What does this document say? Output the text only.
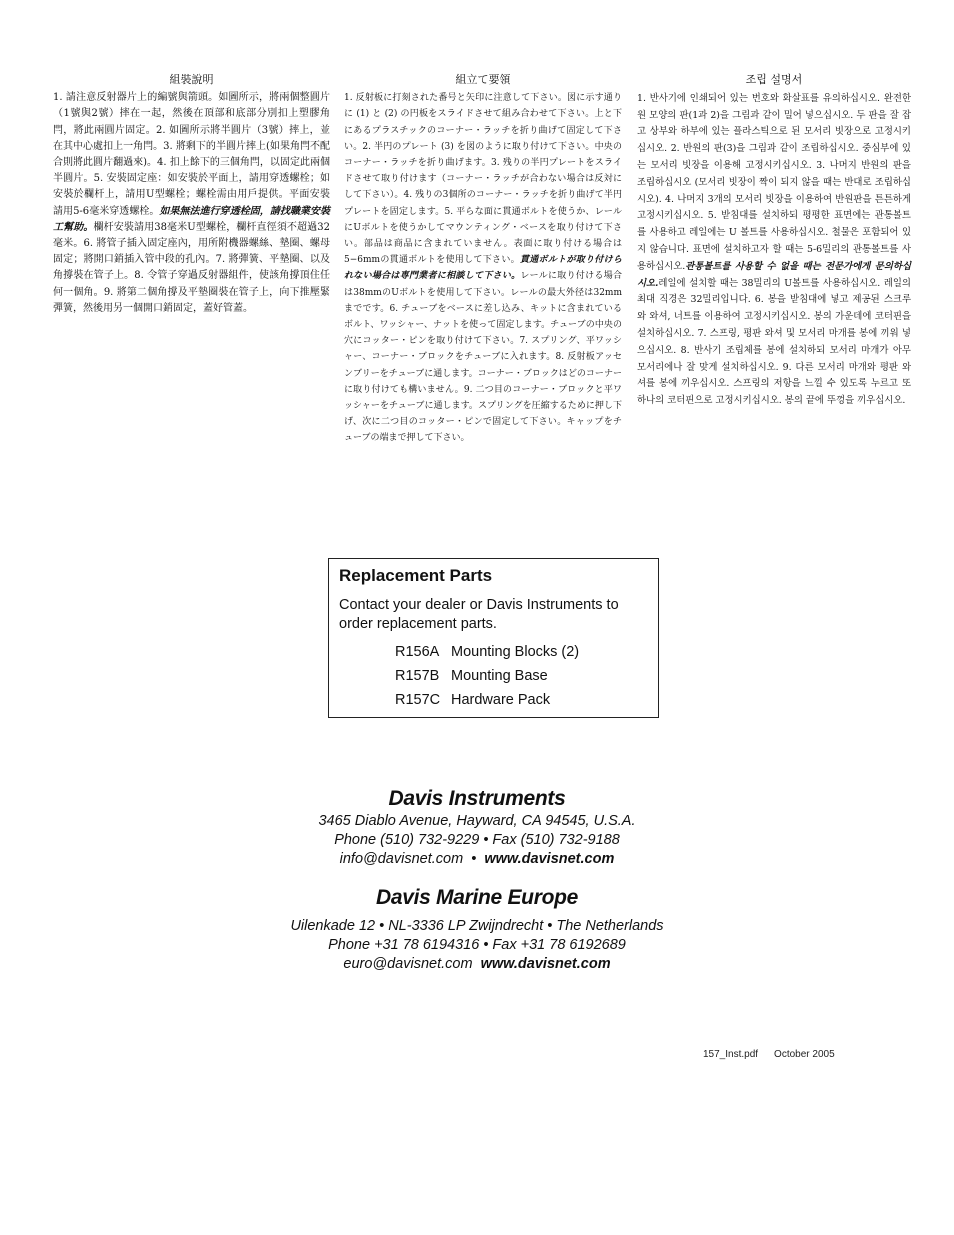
組裝說明
1. 請注意反射器片上的編號與箭頭。如圖所示，將兩個整圓片（1號與2號）摔在一起，然後在頂部和底部分別扣上塑膠角閂，將此兩圓片固定。2. 如圖所示將半圓片（3號）摔上，並在其中心處扣上一角閂。3. 將剩下的半圓片摔上(如果角閂不配合則將此圓片翻過來)。4. 扣上餘下的三個角閂，以固定此兩個半圓片。5. 安裝固定座：如安裝於平面上，請用穿透螺栓；如安裝於欄杆上，請用U型螺栓；螺栓需由用戶提供。平面安裝請用5-6毫米穿透螺栓。如果無法進行穿透栓固，請找職業安裝工幫助。欄杆安裝請用38毫米U型螺栓，欄杆直徑須不超過32毫米。6. 將管子插入固定座內，用所附機器螺絲、墊圈、螺母固定；將開口銷插入管中段的孔內。7. 將彈簧、平墊圈、以及角撐裝在管子上。8. 令管子穿過反射器組件，使該角撐頂住任何一個角。9. 將第二個角撐及平墊圈裝在管子上，向下推壓緊彈簧，然後用另一個開口銷固定，蓋好管蓋。
組立て要領
1. 反射板に打刻された番号と矢印に注意して下さい。図に示す通りに (1) と (2) の円板をスライドさせて組み合わせて下さい。上と下にあるプラスチックのコーナー・ラッチを折り曲げて固定して下さい。2. 半円のプレート (3) を図のように取り付けて下さい。中央のコーナー・ラッチを折り曲げます。3. 残りの半円プレートをスライドさせて取り付けます（コーナー・ラッチが合わない場合は反対にして下さい）。4. 残りの3個所のコーナー・ラッチを折り曲げて半円プレートを固定します。5. 平らな面に貫通ボルトを使うか、レールにUボルトを使うかしてマウンティング・ベースを取り付けて下さい。部品は商品に含まれていません。表面に取り付ける場合は5−6mmの貫通ボルトを使用して下さい。貫通ボルトが取り付けられない場合は専門業者に相談して下さい。レールに取り付ける場合は38mmのUボルトを使用して下さい。レールの最大外径は32mmまでです。6. チューブをベースに差し込み、キットに含まれているボルト、ワッシャー、ナットを使って固定します。チューブの中央の穴にコッター・ピンを取り付けて下さい。7. スプリング、平ワッシャー、コーナー・ブロックをチューブに入れます。8. 反射板アッセンブリーをチューブに通します。コーナー・ブロックはどのコーナーに取り付けても構いません。9. 二つ目のコーナー・ブロックと平ワッシャーをチューブに通します。スプリングを圧縮するために押し下げ、次に二つ目のコッター・ピンで固定して下さい。キャップをチューブの端まで押して下さい。
조립 설명서
1. 반사기에 인쇄되어 있는 번호와 화살표를 유의하십시오. 완전한 원 모양의 판(1과 2)을 그림과 같이 밀어 넣으십시오. 두 판을 잘 잡고 상부와 하부에 있는 플라스틱으로 된 모서리 빗장으로 고정시키십시오. 2. 반원의 판(3)을 그림과 같이 조립하십시오. 중심부에 있는 모서리 빗장을 이용해 고정시키십시오. 3. 나머지 반원의 판을 조립하십시오 (모서리 빗장이 짝이 되지 않을 때는 반대로 조립하십시오). 4. 나머지 3개의 모서리 빗장을 이용하여 반원판을 튼튼하게 고정시키십시오. 5. 받침대를 설치하되 평평한 표면에는 관통볼트를 사용하고 레일에는 U 볼트를 사용하십시오. 철물은 포함되어 있지 않습니다. 표면에 설치하고자 할 때는 5-6밀리의 관통볼트를 사용하십시오.관통볼트를 사용할 수 없을 때는 전문가에게 문의하십시오.레일에 설치할 때는 38밀리의 U볼트를 사용하십시오. 레일의 최대 직경은 32밀리입니다. 6. 봉을 받침대에 넣고 제공된 스크루와 와셔, 너트를 이용하여 고정시키십시오. 봉의 가운데에 코터핀을 설치하십시오. 7. 스프링, 평판 와셔 및 모서리 마개를 봉에 끼워 넣으십시오. 8. 반사기 조립체를 봉에 설치하되 모서리 마개가 아무 모서리에나 잘 맞게 설치하십시오. 9. 다른 모서리 마개와 평판 와셔를 봉에 끼우십시오. 스프링의 저항을 느낄 수 있도록 누르고 또 하나의 코터핀으로 고정시키십시오. 봉의 끝에 뚜껑을 끼우십시오.

Replacement Parts

Contact your dealer or Davis Instruments to order replacement parts.

R156A Mounting Blocks (2)
R157B Mounting Base
R157C Hardware Pack

Davis Instruments

3465 Diablo Avenue, Hayward, CA 94545, U.S.A.

Phone (510) 732-9229 • Fax (510) 732-9188

info@davisnet.com • www.davisnet.com

Davis Marine Europe

Uilenkade 12 • NL-3336 LP Zwijndrecht • The Netherlands

Phone +31 78 6194316 • Fax +31 78 6192689

euro@davisnet.com www.davisnet.com

157_Inst.pdf October 2005
